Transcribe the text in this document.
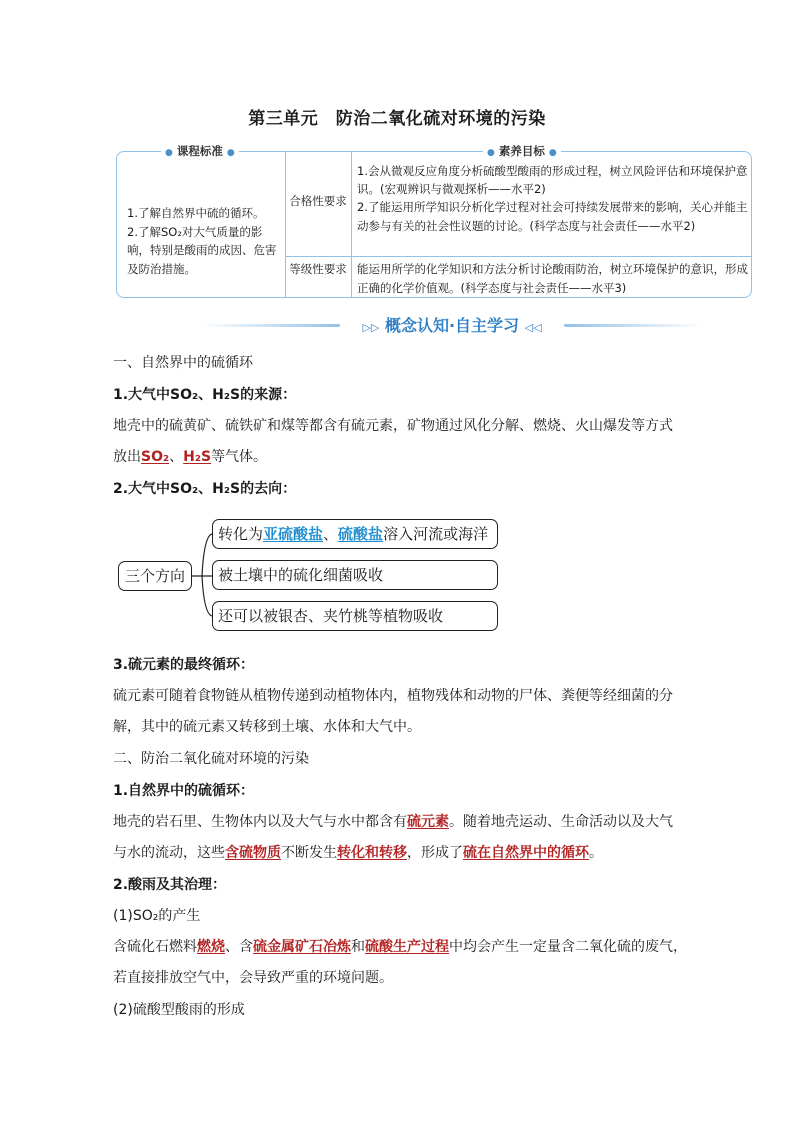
第三单元　防治二氧化硫对环境的污染
● 课程标准 ●	● 素养目标 ●

1.了解自然界中硫的循环。

2.了解SO₂对大气质量的影响，特别是酸雨的成因、危害及防治措施。

合格性要求

1.会从微观反应角度分析硫酸型酸雨的形成过程，树立风险评估和环境保护意识。(宏观辨识与微观探析——水平2)

2.了能运用所学知识分析化学过程对社会可持续发展带来的影响，关心并能主动参与有关的社会性议题的讨论。(科学态度与社会责任——水平2)

等级性要求 能运用所学的化学知识和方法分析讨论酸雨防治，树立环境保护的意识，形成正确的化学价值观。(科学态度与社会责任——水平3)
▷▷ 概念认知·自主学习 ◁◁
一、自然界中的硫循环
1.大气中SO₂、H₂S的来源：
地壳中的硫黄矿、硫铁矿和煤等都含有硫元素，矿物通过风化分解、燃烧、火山爆发等方式
放出SO₂、H₂S等气体。
2.大气中SO₂、H₂S的去向：
三个方向
转化为亚硫酸盐、硫酸盐溶入河流或海洋
被土壤中的硫化细菌吸收
还可以被银杏、夹竹桃等植物吸收
3.硫元素的最终循环：
硫元素可随着食物链从植物传递到动植物体内，植物残体和动物的尸体、粪便等经细菌的分
解，其中的硫元素又转移到土壤、水体和大气中。
二、防治二氧化硫对环境的污染
1.自然界中的硫循环：
地壳的岩石里、生物体内以及大气与水中都含有硫元素。随着地壳运动、生命活动以及大气
与水的流动，这些含硫物质不断发生转化和转移，形成了硫在自然界中的循环。
2.酸雨及其治理：
(1)SO₂的产生
含硫化石燃料燃烧、含硫金属矿石冶炼和硫酸生产过程中均会产生一定量含二氧化硫的废气，
若直接排放空气中，会导致严重的环境问题。
(2)硫酸型酸雨的形成
